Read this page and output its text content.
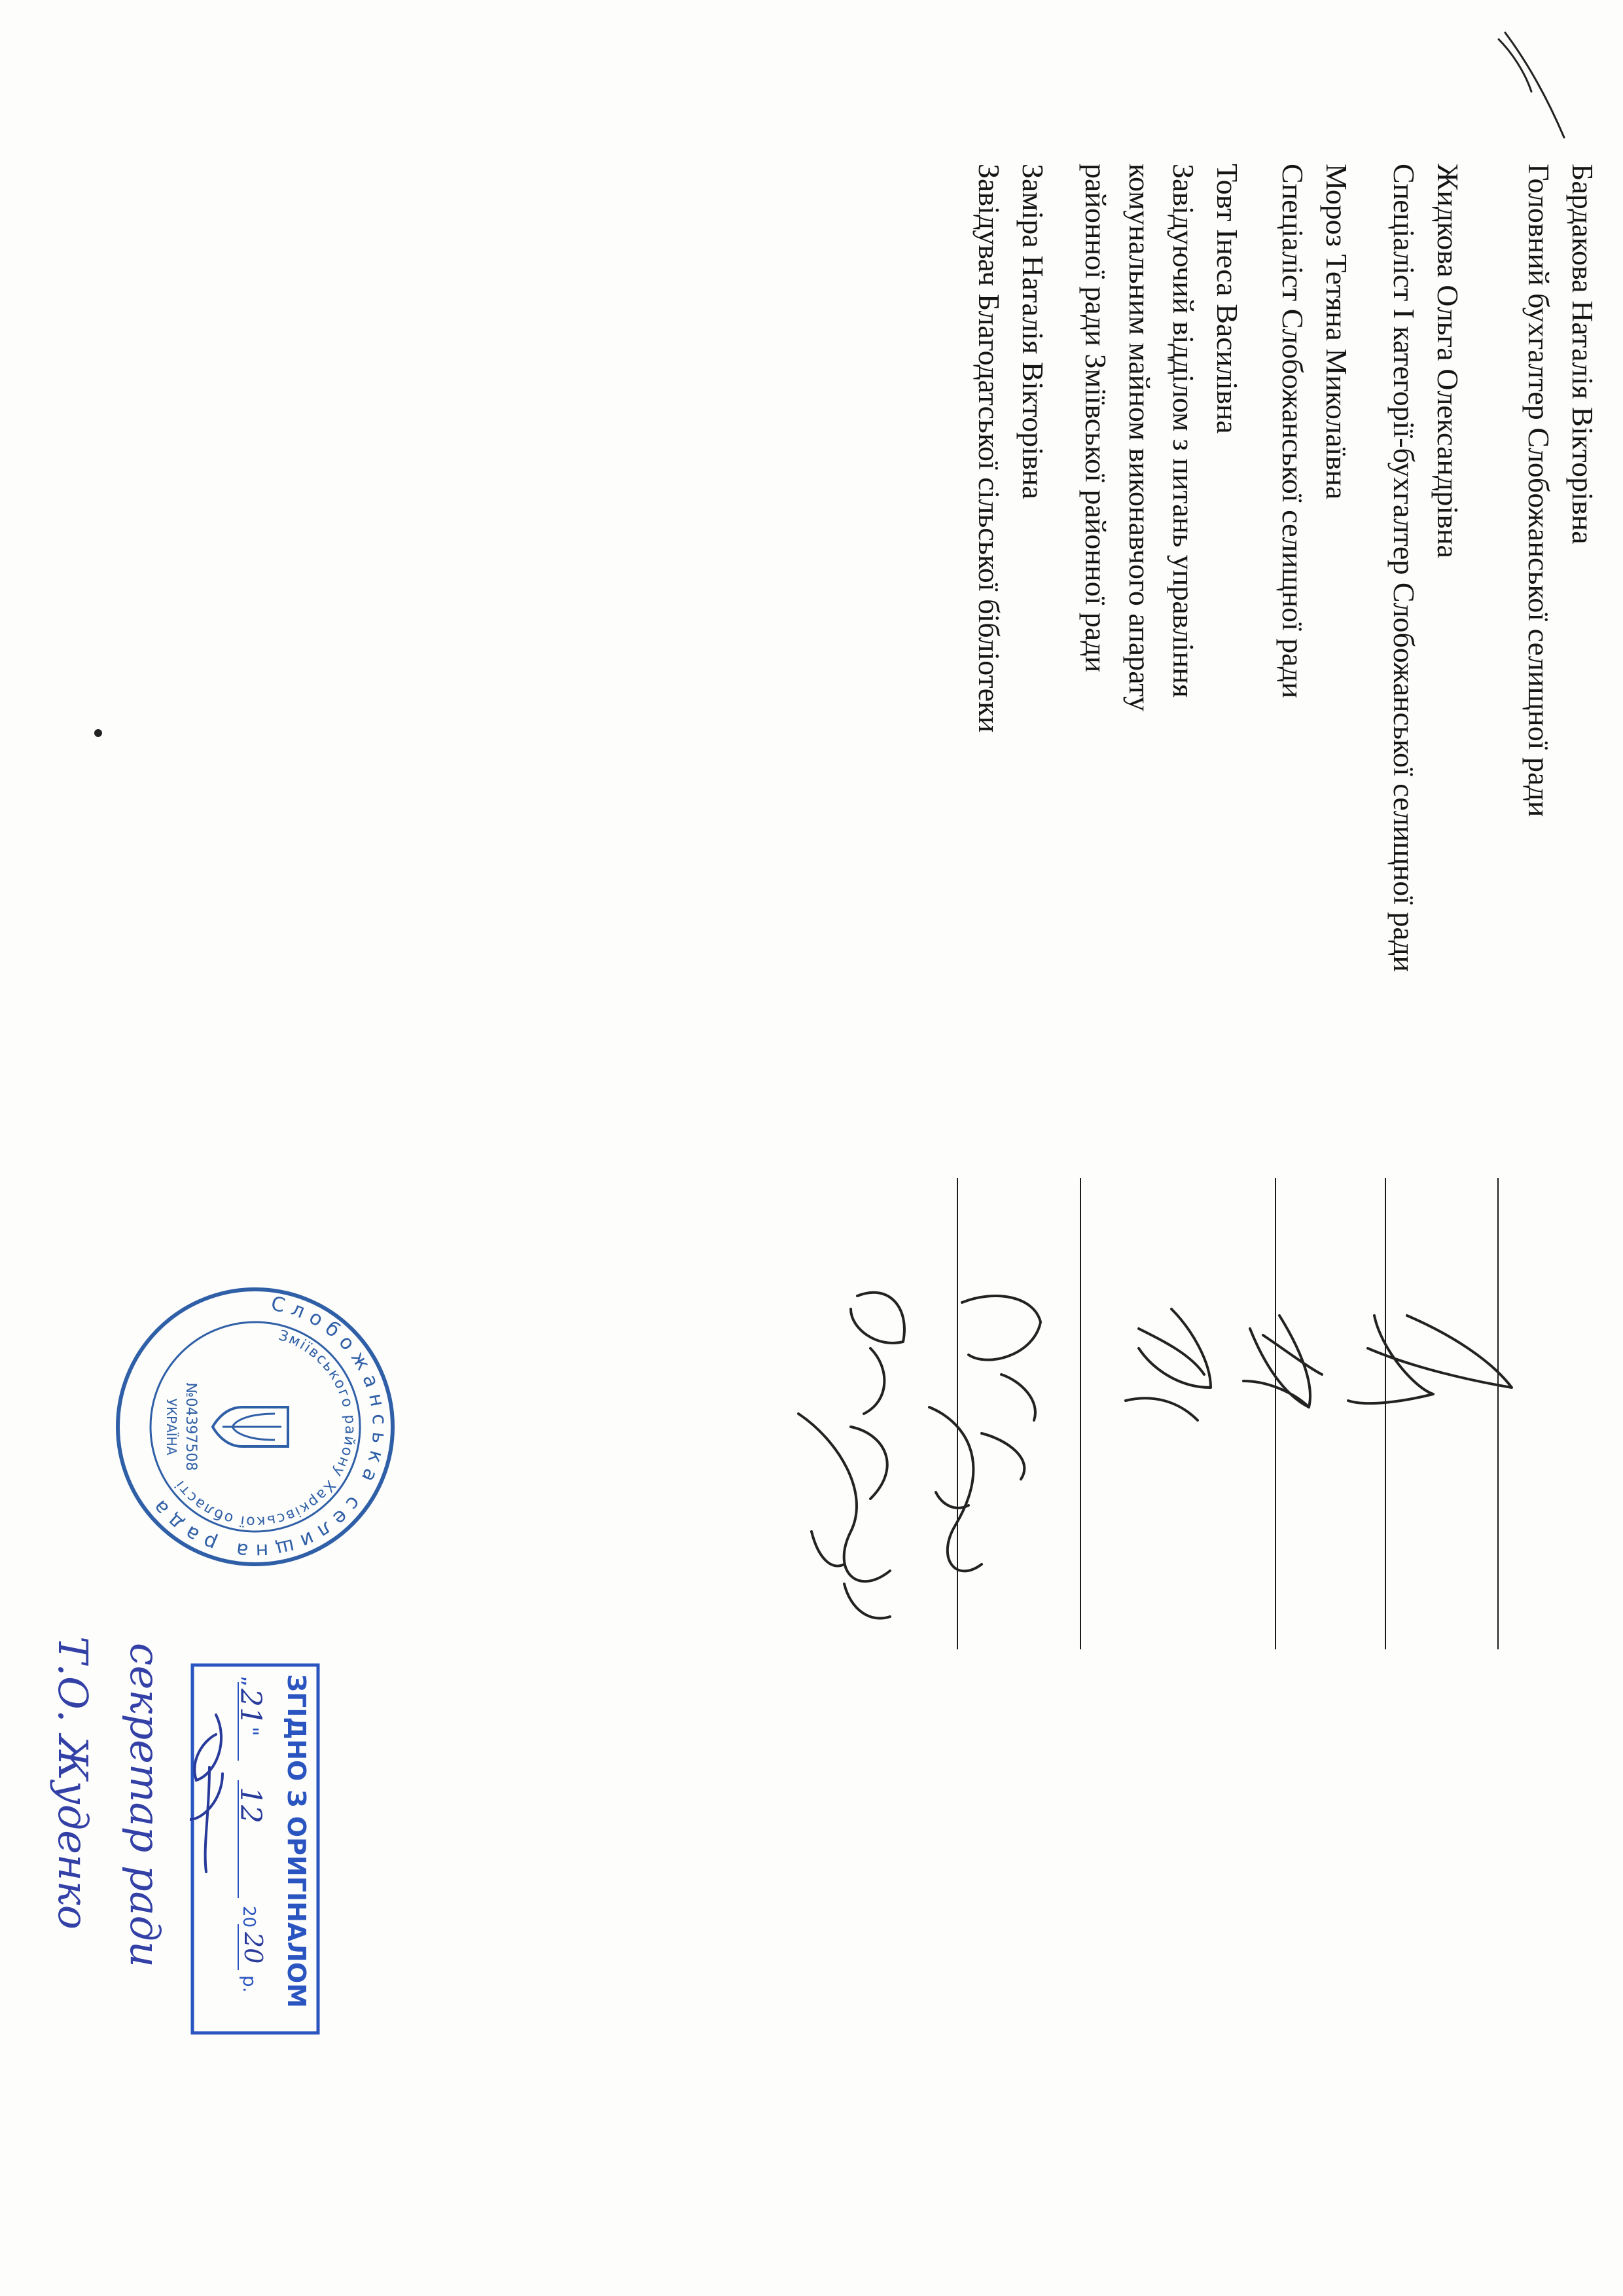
Бардакова Наталія Вікторівна

Головний бухгалтер Слобожанської селищної ради

Жидкова Ольга Олександрівна

Спеціаліст І категорії-бухгалтер Слобожанської селищної ради

Мороз Тетяна Миколаївна

Спеціаліст Слобожанської селищної ради

Товт Інеса Василівна

Завідуючий відділом з питань управління

комунальним майном виконавчого апарату

районної ради Зміївської районної ради

Заміра Наталія Вікторівна

Завідувач Благодатської сільської бібліотеки

Слобожанська селищна рада
Зміївського району Харківської області
№04397508
УКРАЇНА
ЗГІДНО З ОРИГІНАЛОМ
„
21
"
12
20
20
р.
секретар ради
Т.О. Жуденко
